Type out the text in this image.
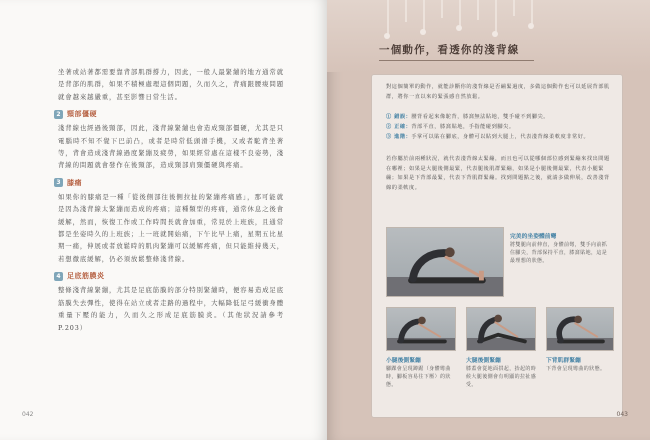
坐著或站著都需要靠背部肌群撐力，因此，一般人最緊繃的地方通常就是背部的肌群，如果不積極處理這個問題，久而久之，背痛跟腰痠問題就會越來越嚴重，甚至影響日常生活。

2 頸部僵硬

淺背線也經過後頸部，因此，淺背線緊繃也會造成頸部僵硬，尤其是只電腦時不知不覺下巴前凸，或者是時常低頭滑手機，又或者駝背坐著等，背會造成淺背線過度緊繃及疲勞，如果經常處在這樣不良姿勢，淺背線的問題就會發作在後頸部，造成頸部肩頸僵硬與疼痛。

3 膝痛

如果你的膝痛是一種「從後側部往後側拉扯的緊繃疼痛感」，那可能就是因為淺背線太緊繃而造成的疼痛；這種類型的疼痛，通常休息之後會緩解，然而，恢復工作或工作時間長就會加重，常見於上班族，且通常都是坐姿時久的上班族；上一班就開始痛，下午比早上痛，星期五比星期一痛，伸展或者放鬆時的肌肉緊繃可以緩解疼痛，但只能維持幾天，若想徹底緩解，仍必須放鬆整條淺背線。

4 足底筋膜炎

整條淺背線緊繃，尤其是足底筋膜的部分特別緊繃時，便容易造成足底筋膜失去彈性，使得在站立或者走路的過程中，大幅降低足弓緩衝身體重量下壓的能力，久而久之形成足底筋膜炎。（其他狀況請參考 P.203）

042
一個動作，看透你的淺背線
對這個簡單的動作，就能診斷你的淺背線是否繃緊過度，多做這個動作也可以延展背部肌群，將你一直以來的緊張感自然放鬆。
① 錯誤：腰背看起來像駝背，膝窩無法貼地，雙手碰不到腳尖。
② 正確：背部平直，膝窩貼地，手指能碰到腳尖。
③ 進階：手掌可以貼在腳底，身體可以貼到大腿上，代表淺背線柔軟度非常好。
若你屬於前兩種狀況，就代表淺背線太緊繃，而且也可以從哪個部位感到緊繃來找出問題在哪裡；如果是大腿後側最緊，代表腿後肌群緊繃，如果是小腿後側最緊，代表小腿緊繃；如果是下背部最緊，代表下背肌群緊繃。找到問題點之後，就請多做伸展，改善淺背線的柔軟度。
完美的坐姿體前彎
將雙腿向前伸直，身體前彎，雙手向前抓住腳尖，背部保持平直，膝窩貼地，這是最理想的狀態。
小腿後側緊繃
腳踝會呈現蹲踞（身體彎曲時，腳板容易往下壓）的狀態。
大腿後側緊繃
膝蓋會從地面拱起，抬起的時候大腿後側會有明顯的拉扯感受。
下背肌群緊繃
下背會呈現彎曲的狀態。
043
